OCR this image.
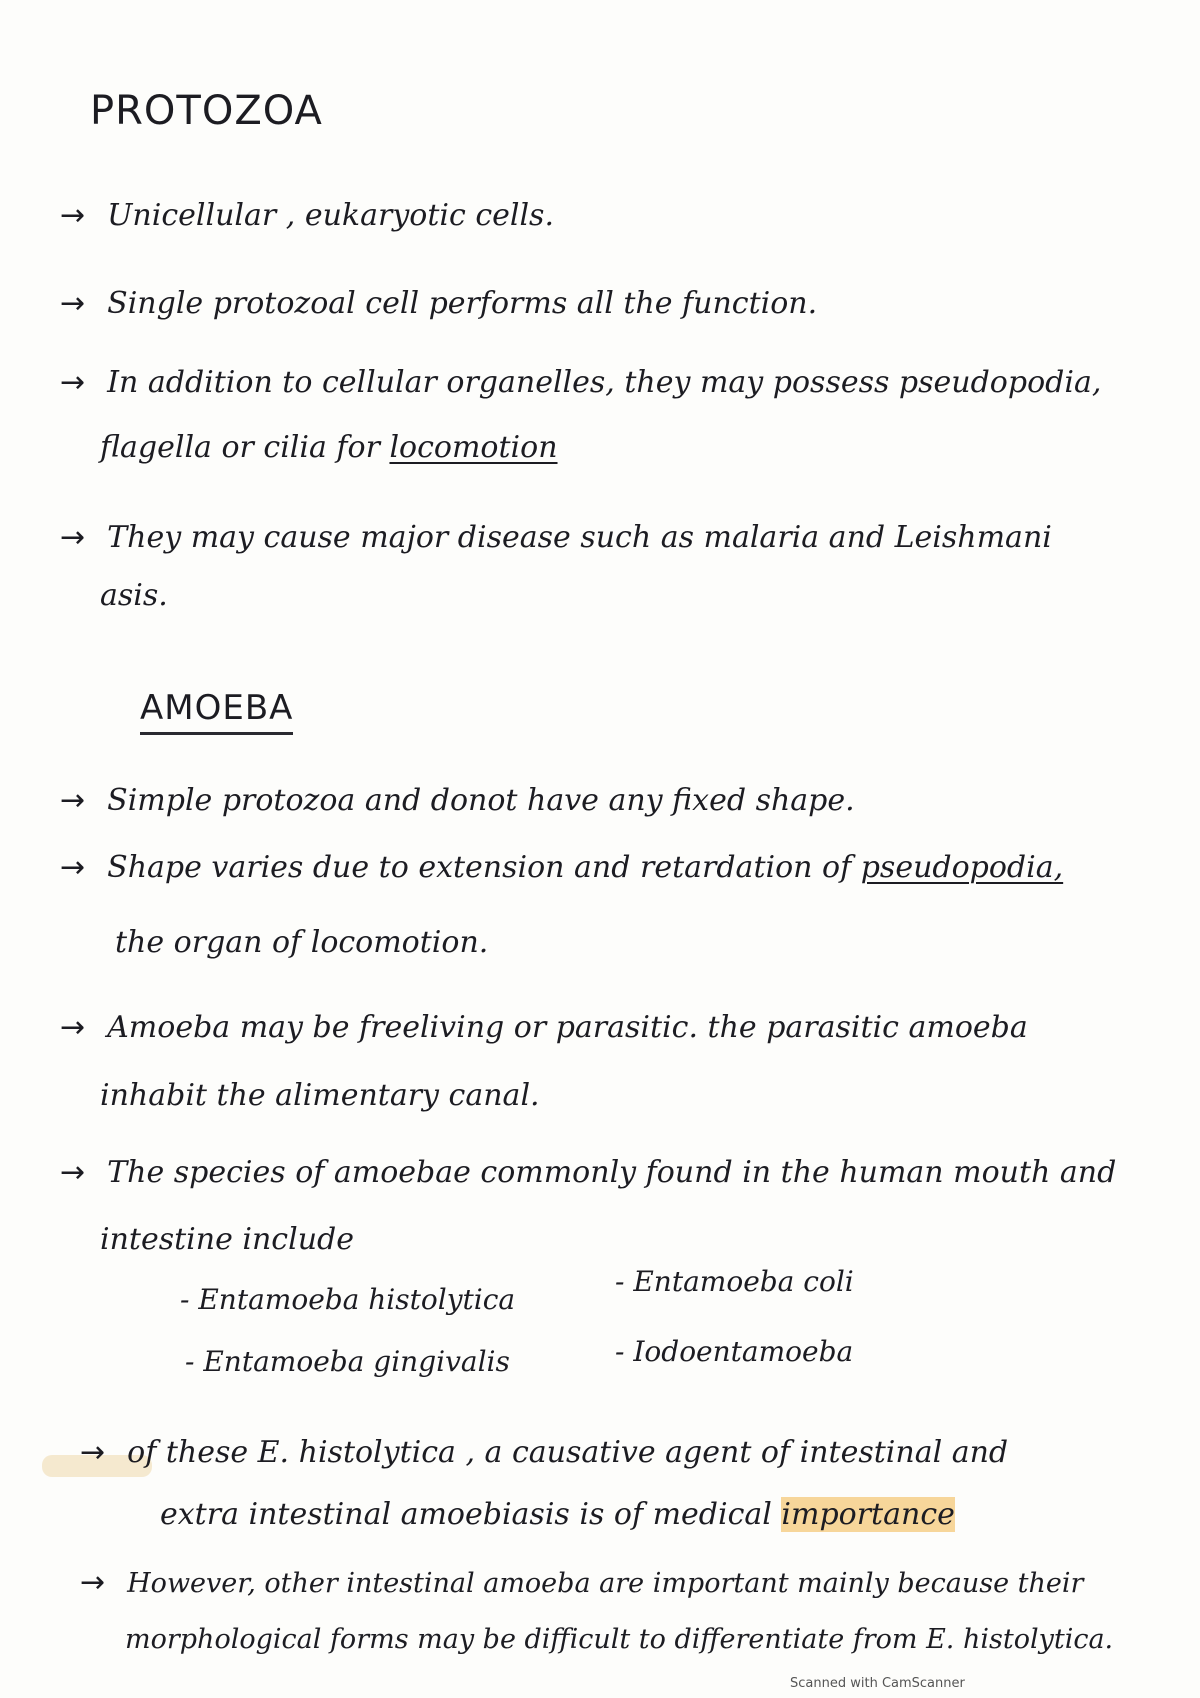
PROTOZOA
→ Unicellular , eukaryotic cells.
→ Single protozoal cell performs all the function.
→ In addition to cellular organelles, they may possess pseudopodia,
flagella or cilia for locomotion
→ They may cause major disease such as malaria and Leishmani
asis.
AMOEBA
→ Simple protozoa and donot have any fixed shape.
→ Shape varies due to extension and retardation of pseudopodia,
the organ of locomotion.
→ Amoeba may be freeliving or parasitic. the parasitic amoeba
inhabit the alimentary canal.
→ The species of amoebae commonly found in the human mouth and
intestine include
- Entamoeba histolytica
- Entamoeba coli
- Entamoeba gingivalis	- Iodoentamoeba
→ of these E. histolytica , a causative agent of intestinal and
extra intestinal amoebiasis is of medical importance
→ However, other intestinal amoeba are important mainly because their
morphological forms may be difficult to differentiate from E. histolytica.
Scanned with CamScanner
